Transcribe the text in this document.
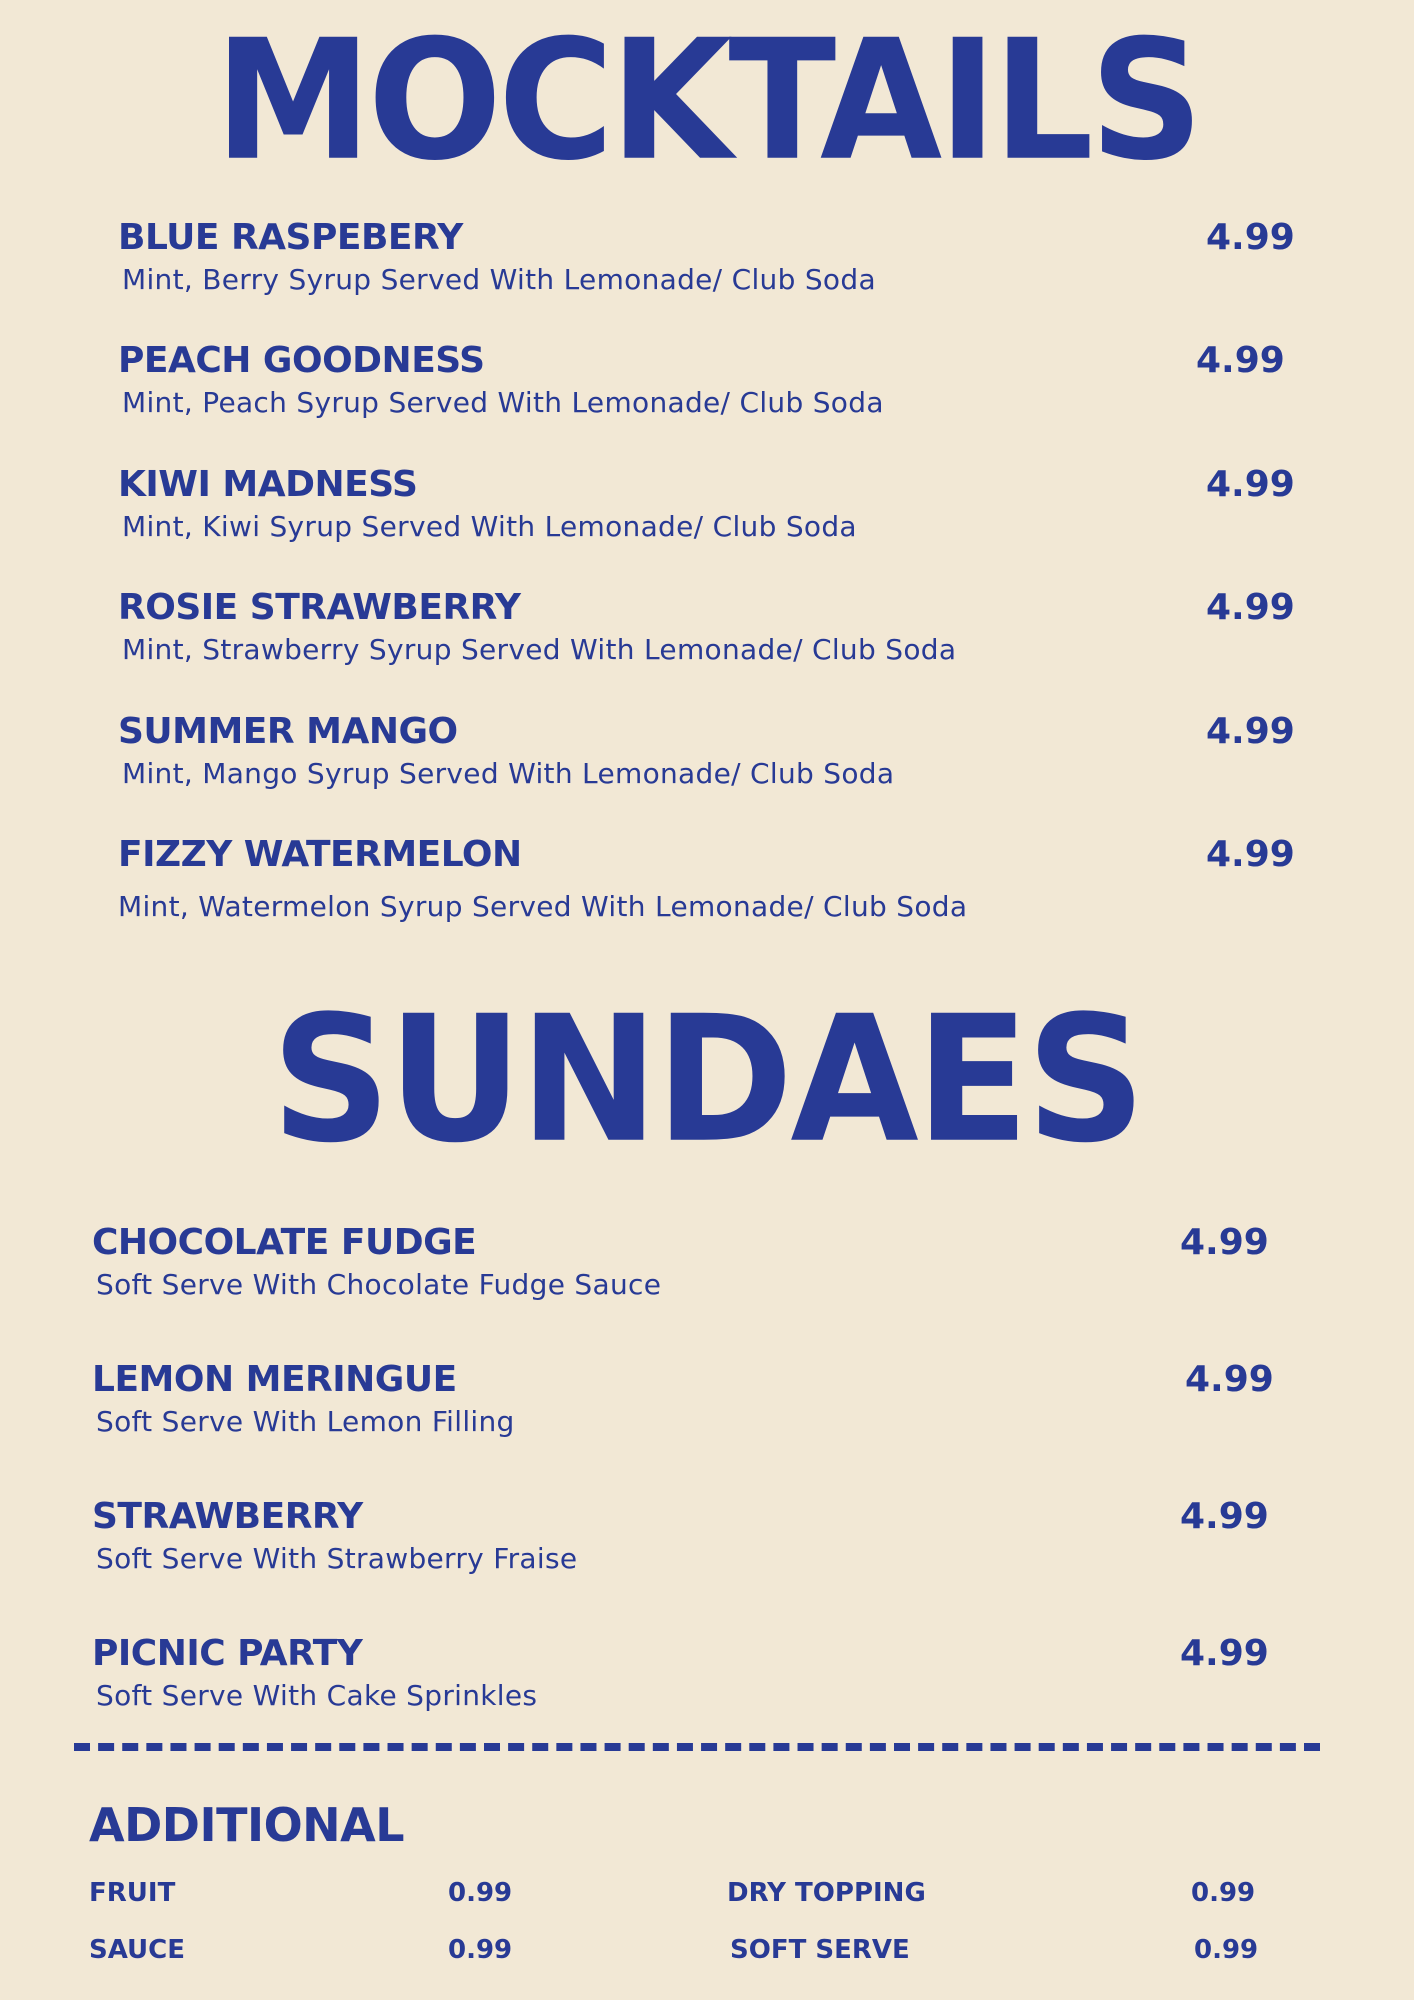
MOCKTAILS
BLUE RASPEBERY	4.99
Mint, Berry Syrup Served With Lemonade/ Club Soda
PEACH GOODNESS	4.99
Mint, Peach Syrup Served With Lemonade/ Club Soda
KIWI MADNESS	4.99
Mint, Kiwi Syrup Served With Lemonade/ Club Soda
ROSIE STRAWBERRY	4.99
Mint, Strawberry Syrup Served With Lemonade/ Club Soda
SUMMER MANGO	4.99
Mint, Mango Syrup Served With Lemonade/ Club Soda
FIZZY WATERMELON	4.99
Mint, Watermelon Syrup Served With Lemonade/ Club Soda
SUNDAES
CHOCOLATE FUDGE	4.99
Soft Serve With Chocolate Fudge Sauce
LEMON MERINGUE	4.99
Soft Serve With Lemon Filling
STRAWBERRY	4.99
Soft Serve With Strawberry Fraise
PICNIC PARTY	4.99
Soft Serve With Cake Sprinkles
ADDITIONAL
FRUIT	0.99	DRY TOPPING	0.99
SAUCE	0.99	SOFT SERVE	0.99
